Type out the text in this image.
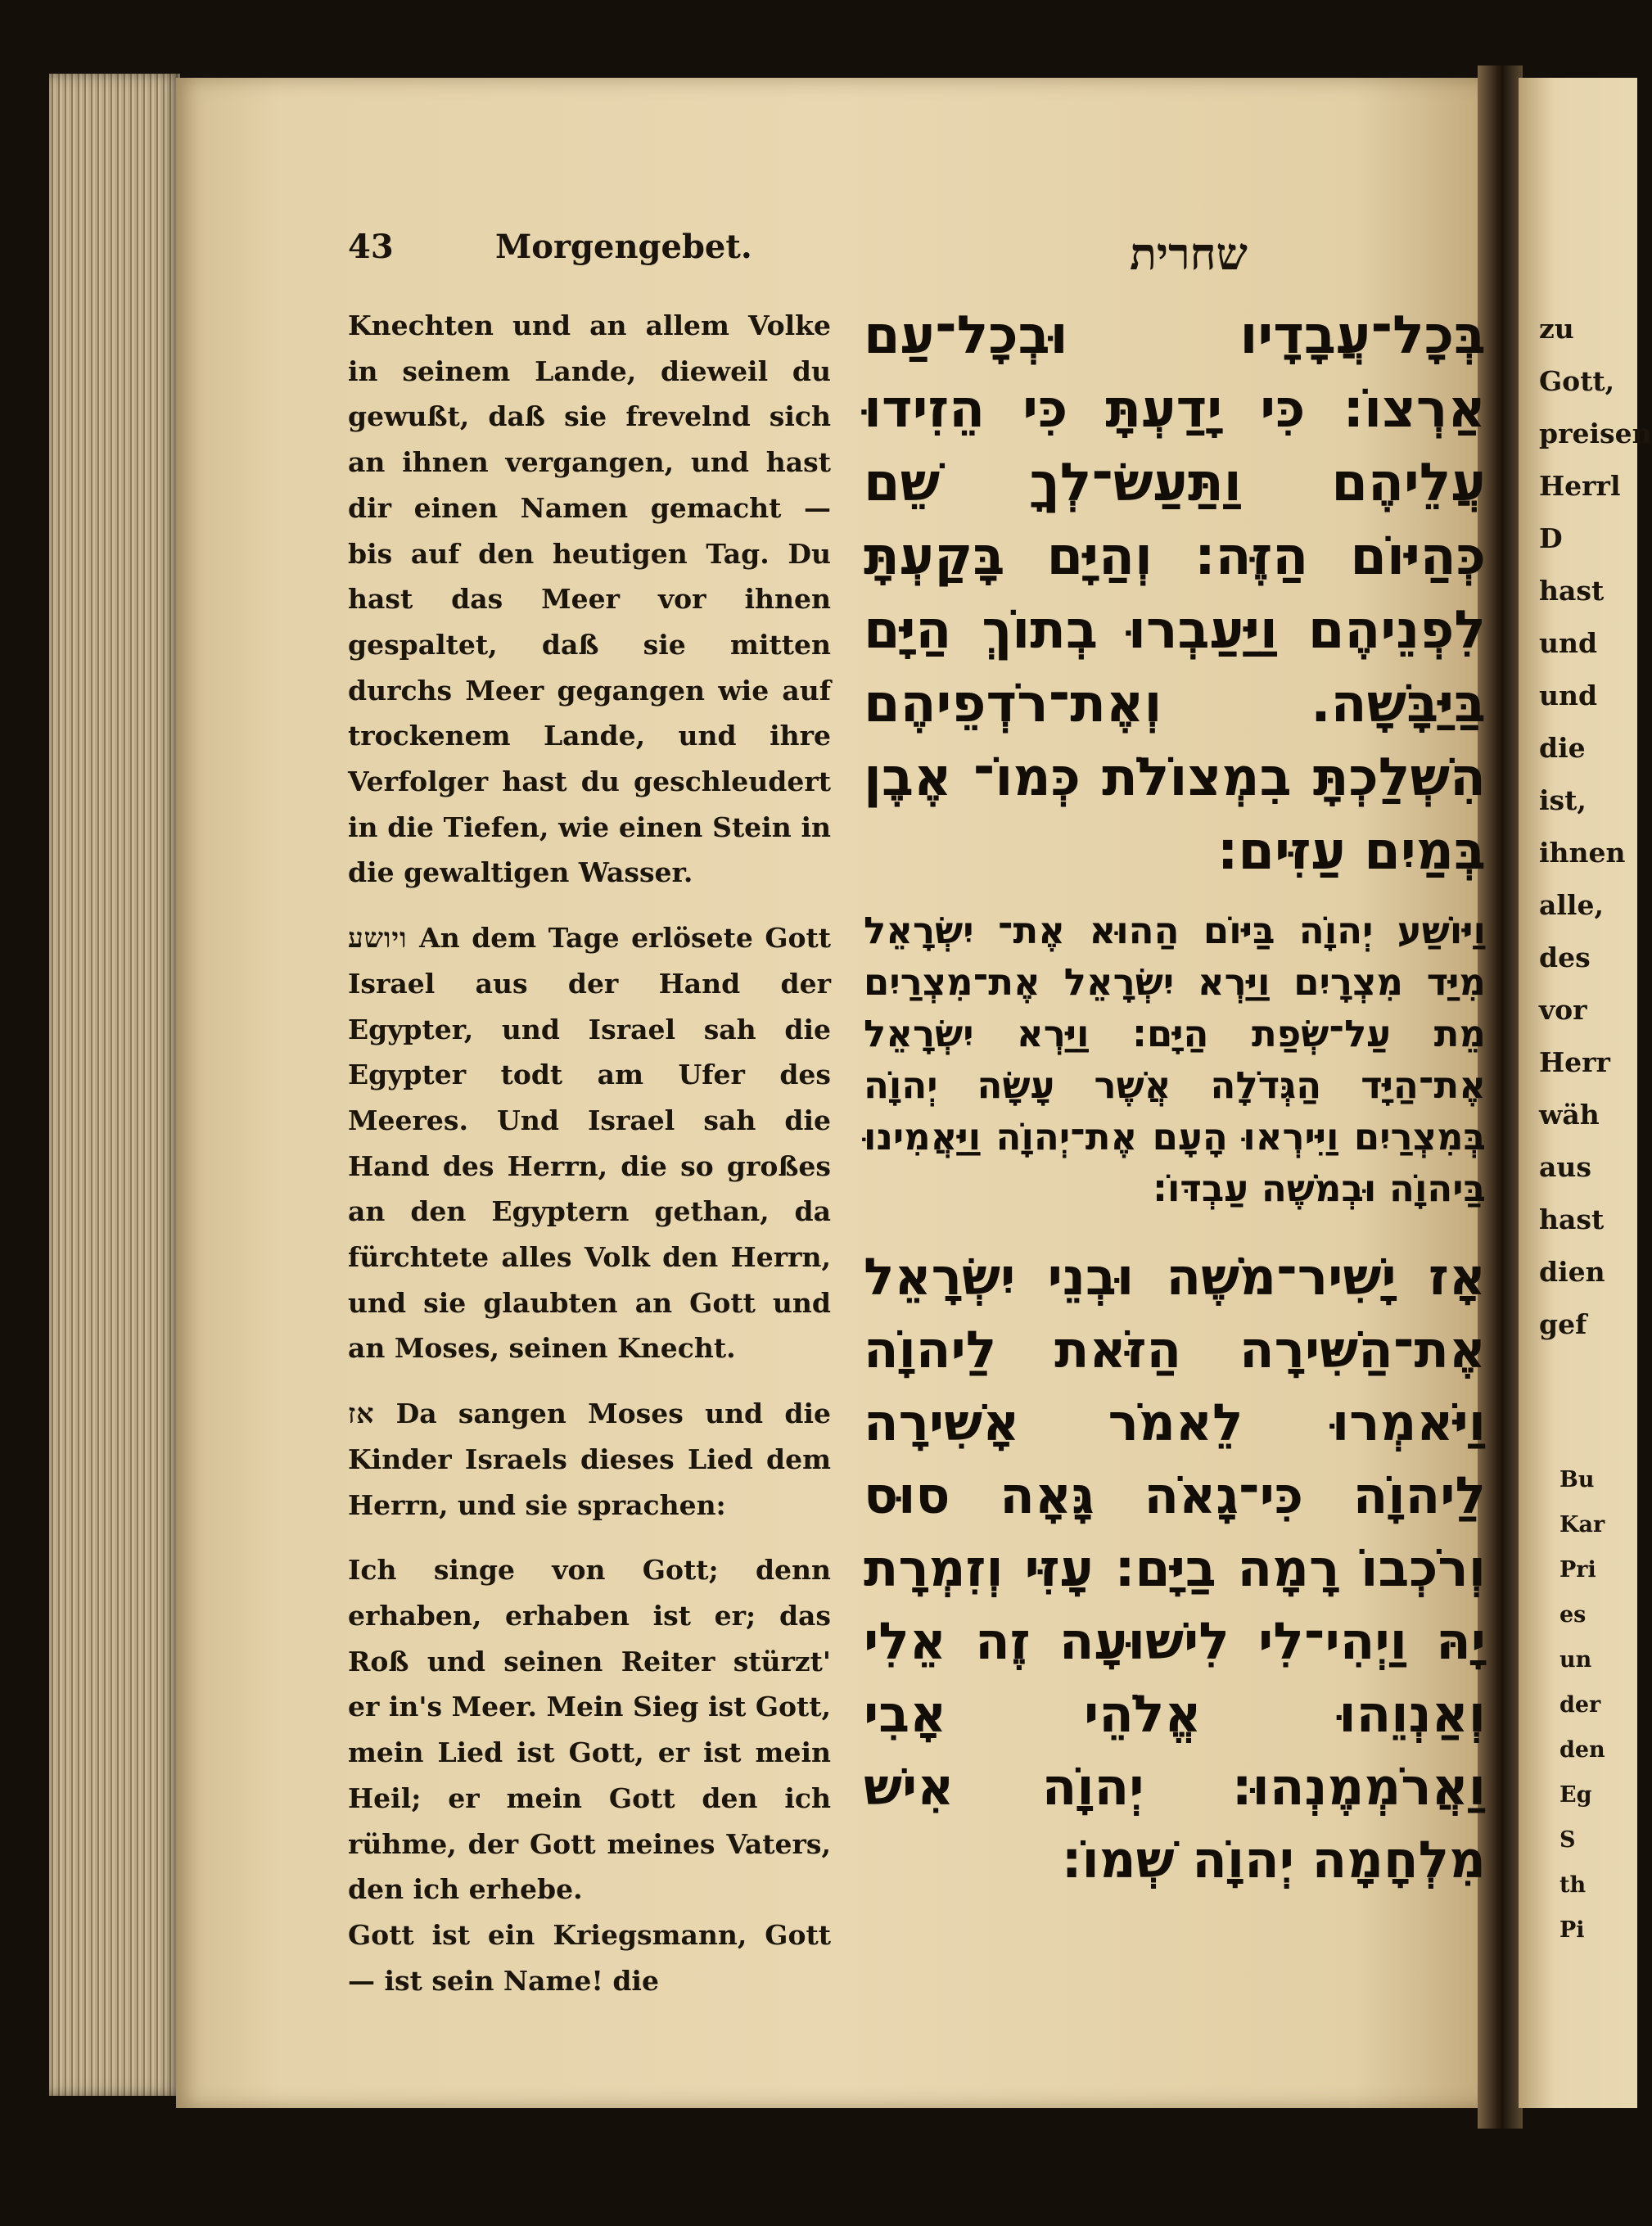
43	Morgengebet.	שחרית

Knechten und an allem Volke in seinem Lande, dieweil du gewußt, daß sie frevelnd sich an ihnen vergangen, und hast dir einen Namen gemacht — bis auf den heutigen Tag. Du hast das Meer vor ihnen gespaltet, daß sie mitten durchs Meer gegangen wie auf trockenem Lande, und ihre Verfolger hast du geschleudert in die Tiefen, wie einen Stein in die gewaltigen Wasser.

ויושע An dem Tage erlösete Gott Israel aus der Hand der Egypter, und Israel sah die Egypter todt am Ufer des Meeres. Und Israel sah die Hand des Herrn, die so großes an den Egyptern gethan, da fürchtete alles Volk den Herrn, und sie glaubten an Gott und an Moses, seinen Knecht.

אז Da sangen Moses und die Kinder Israels dieses Lied dem Herrn, und sie sprachen:

Ich singe von Gott; denn erhaben, erhaben ist er; das Roß und seinen Reiter stürzt' er in's Meer. Mein Sieg ist Gott, mein Lied ist Gott, er ist mein Heil; er mein Gott den ich rühme, der Gott meines Vaters, den ich erhebe.

Gott ist ein Kriegsmann, Gott — ist sein Name! die

בְּכָל־עֲבָדָיו וּבְכָל־עַם אַרְצוֹ: כִּי יָדַעְתָּ כִּי הֵזִידוּ עֲלֵיהֶם וַתַּעַשׂ־לְךָ שֵׁם כְּהַיּוֹם הַזֶּה: וְהַיָּם בָּקַעְתָּ לִפְנֵיהֶם וַיַּעַבְרוּ בְתוֹךְ הַיָּם בַּיַּבָּשָׁה. וְאֶת־רֹדְפֵיהֶם הִשְׁלַכְתָּ בִמְצוֹלֹת כְּמוֹ־ אֶבֶן בְּמַיִם עַזִּים:

וַיּוֹשַׁע יְהוָֹה בַּיּוֹם הַהוּא אֶת־ יִשְׂרָאֵל מִיַּד מִצְרָיִם וַיַּרְא יִשְׂרָאֵל אֶת־מִצְרַיִם מֵת עַל־שְׂפַת הַיָּם: וַיַּרְא יִשְׂרָאֵל אֶת־הַיָּד הַגְּדֹלָה אֲשֶׁר עָשָׂה יְהוָֹה בְּמִצְרַיִם וַיִּירְאוּ הָעָם אֶת־יְהוָֹה וַיַּאֲמִינוּ בַּיהוָֹה וּבְמֹשֶׁה עַבְדּוֹ:

אָז יָשִׁיר־מֹשֶׁה וּבְנֵי יִשְׂרָאֵל אֶת־הַשִּׁירָה הַזֹּאת לַיהוָֹה וַיֹּאמְרוּ לֵאמֹר אָשִׁירָה לַיהוָֹה כִּי־גָאֹה גָּאָה סוּס וְרֹכְבוֹ רָמָה בַיָּם: עָזִּי וְזִמְרָת יָהּ וַיְהִי־לִי לִישׁוּעָה זֶה אֵלִי וְאַנְוֵהוּ אֱלֹהֵי אָבִי וַאֲרֹמְמֶנְהוּ: יְהוָֹה אִישׁ מִלְחָמָה יְהוָֹה שְׁמוֹ:

zu
Gott,
preisen
Herrl
D
hast
und
und
die
ist,
ihnen
alle,
des
vor
Herr
wäh
aus
hast
dien
gef
Bu
Kar
Pri
es
un
der
den
Eg
S
th
Pi
